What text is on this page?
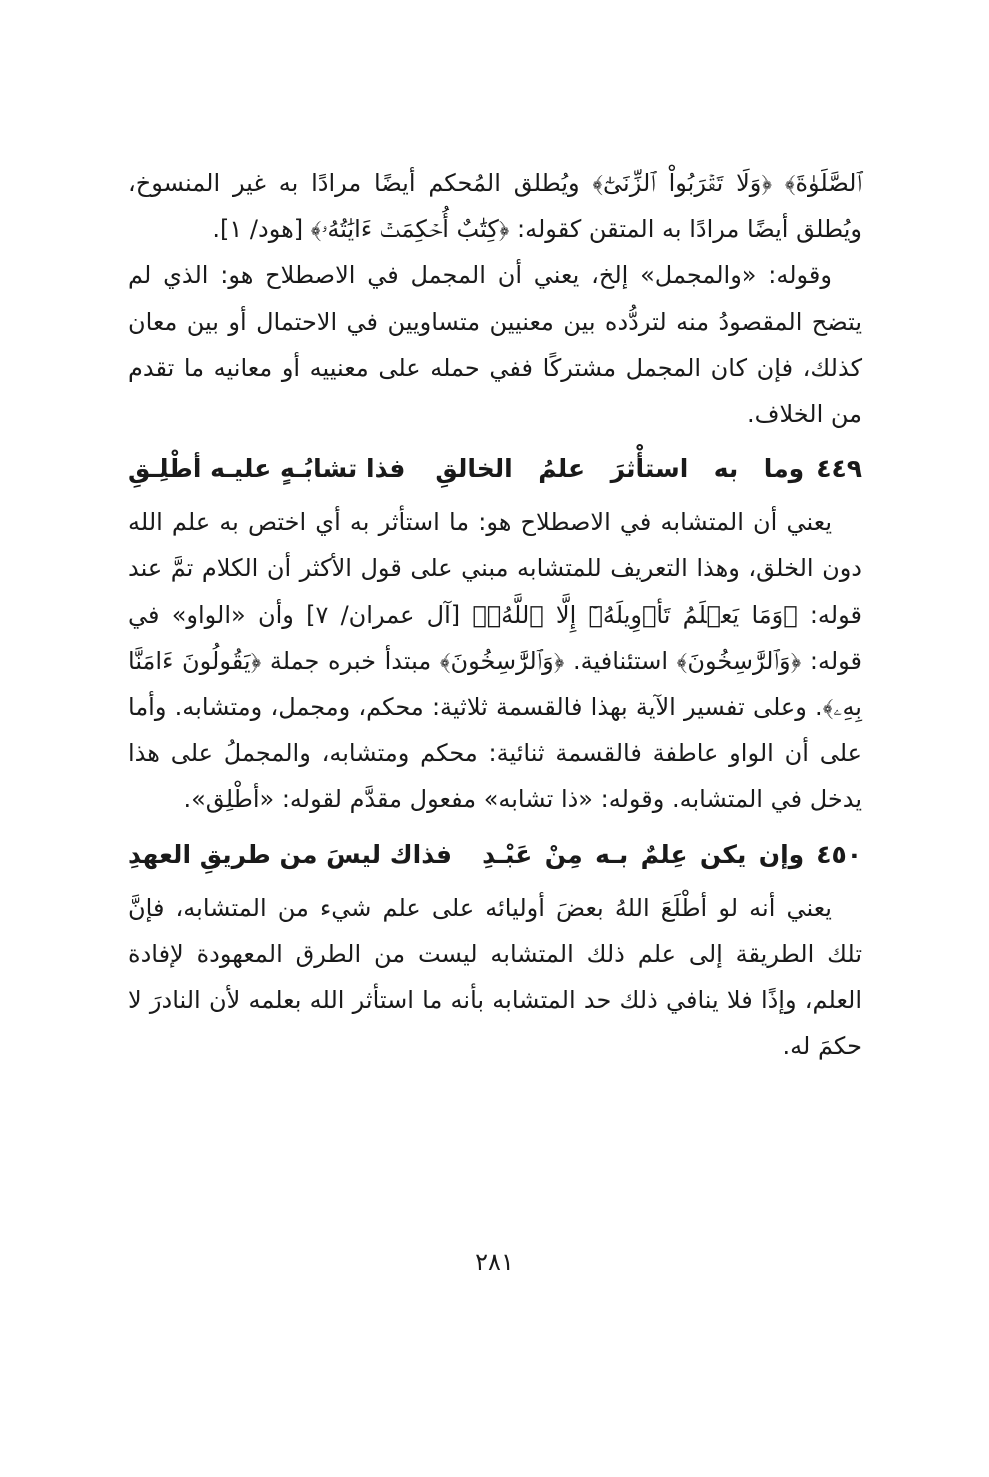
ٱلصَّلَوٰةَ﴾ ﴿وَلَا تَقۡرَبُواْ ٱلزِّنَىٰٓ﴾ ويُطلق المُحكم أيضًا مرادًا به غير المنسوخ، ويُطلق أيضًا مرادًا به المتقن كقوله: ﴿كِتَٰبٌ أُحۡكِمَتۡ ءَايَٰتُهُۥ﴾ [هود/ ١].

وقوله: «والمجمل» إلخ، يعني أن المجمل في الاصطلاح هو: الذي لم يتضح المقصودُ منه لتردُّده بين معنيين متساويين في الاحتمال أو بين معان كذلك، فإن كان المجمل مشتركًا ففي حمله على معنييه أو معانيه ما تقدم من الخلاف.

٤٤٩
وما به استأْثرَ علمُ الخالقِ
فذا تشابُـهٍ عليـه أطْلِـقِ

يعني أن المتشابه في الاصطلاح هو: ما استأثر به أي اختص به علم الله دون الخلق، وهذا التعريف للمتشابه مبني على قول الأكثر أن الكلام تمَّ عند قوله: ﴿وَمَا يَعۡلَمُ تَأۡوِيلَهُۥٓ إِلَّا ٱللَّهُۗ﴾ [آل عمران/ ٧] وأن «الواو» في قوله: ﴿وَٱلرَّٰسِخُونَ﴾ استئنافية. ﴿وَٱلرَّٰسِخُونَ﴾ مبتدأ خبره جملة ﴿يَقُولُونَ ءَامَنَّا بِهِۦ﴾. وعلى تفسير الآية بهذا فالقسمة ثلاثية: محكم، ومجمل، ومتشابه. وأما على أن الواو عاطفة فالقسمة ثنائية: محكم ومتشابه، والمجملُ على هذا يدخل في المتشابه. وقوله: «ذا تشابه» مفعول مقدَّم لقوله: «أطْلِق».

٤٥٠
وإن يكن عِلمٌ بـه مِنْ عَبْـدِ
فذاك ليسَ من طريقِ العهدِ

يعني أنه لو أطْلَعَ اللهُ بعضَ أوليائه على علم شيء من المتشابه، فإنَّ تلك الطريقة إلى علم ذلك المتشابه ليست من الطرق المعهودة لإفادة العلم، وإذًا فلا ينافي ذلك حد المتشابه بأنه ما استأثر الله بعلمه لأن النادرَ لا حكمَ له.

٢٨١
